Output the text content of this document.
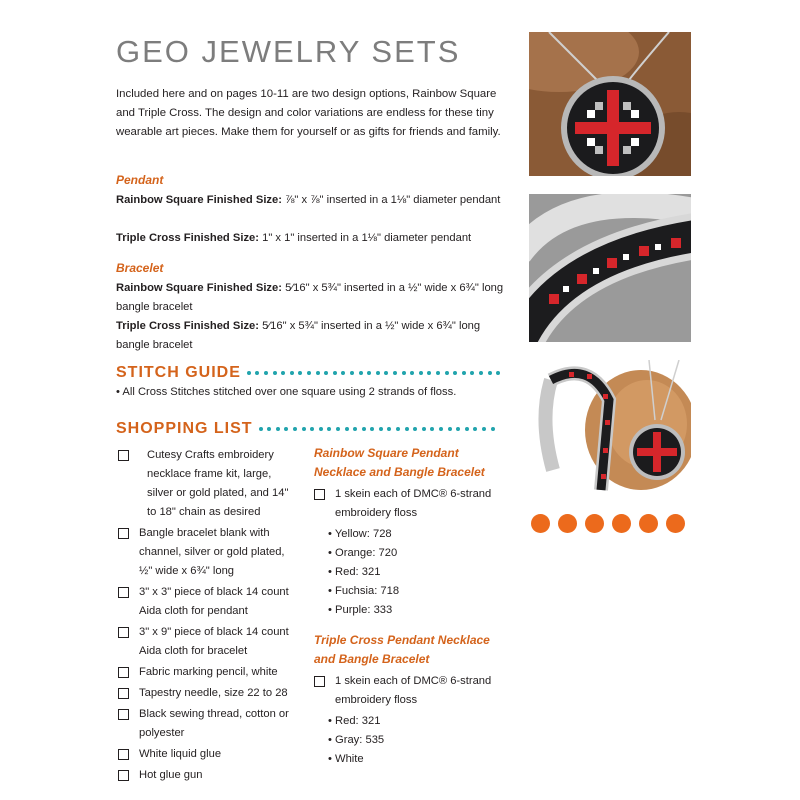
GEO JEWELRY SETS

Included here and on pages 10-11 are two design options, Rainbow Square and Triple Cross. The design and color variations are endless for these tiny wearable art pieces. Make them for yourself or as gifts for friends and family.

Pendant

Rainbow Square Finished Size: ⅞" x ⅞" inserted in a 1⅛" diameter pendant

Triple Cross Finished Size: 1" x 1" inserted in a 1⅛" diameter pendant

Bracelet

Rainbow Square Finished Size: 5⁄16" x 5¾" inserted in a ½" wide x 6¾" long bangle bracelet

Triple Cross Finished Size: 5⁄16" x 5¾" inserted in a ½" wide x 6¾" long bangle bracelet

STITCH GUIDE
• All Cross Stitches stitched over one square using 2 strands of floss.
SHOPPING LIST
Cutesy Crafts embroidery necklace frame kit, large, silver or gold plated, and 14" to 18" chain as desired
Bangle bracelet blank with channel, silver or gold plated, ½" wide x 6¾" long
3" x 3" piece of black 14 count Aida cloth for pendant
3" x 9" piece of black 14 count Aida cloth for bracelet
Fabric marking pencil, white
Tapestry needle, size 22 to 28
Black sewing thread, cotton or polyester
White liquid glue
Hot glue gun
Rainbow Square Pendant Necklace and Bangle Bracelet
1 skein each of DMC® 6-strand embroidery floss
• Yellow: 728
• Orange: 720
• Red: 321
• Fuchsia: 718
• Purple: 333
Triple Cross Pendant Necklace and Bangle Bracelet
1 skein each of DMC® 6-strand embroidery floss
• Red: 321
• Gray: 535
• White
